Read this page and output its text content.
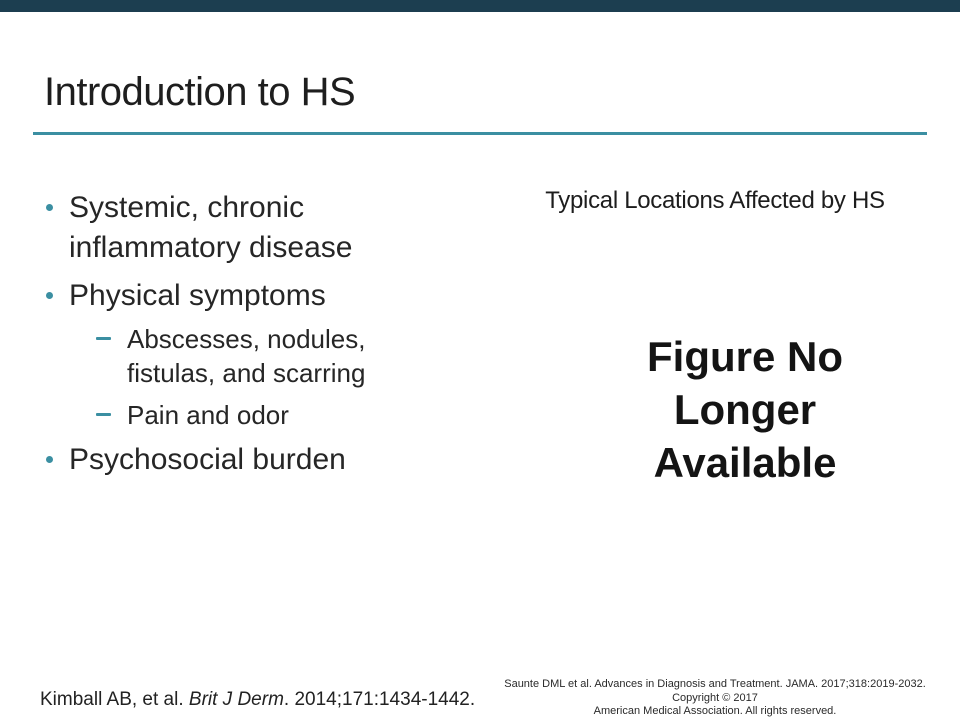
Introduction to HS
Systemic, chronic inflammatory disease
Physical symptoms
Abscesses, nodules, fistulas, and scarring
Pain and odor
Psychosocial burden
Typical Locations Affected by HS
Figure No Longer Available
Kimball AB, et al. Brit J Derm. 2014;171:1434-1442.
Saunte DML et al. Advances in Diagnosis and Treatment. JAMA. 2017;318:2019-2032. Copyright © 2017
American Medical Association. All rights reserved.
